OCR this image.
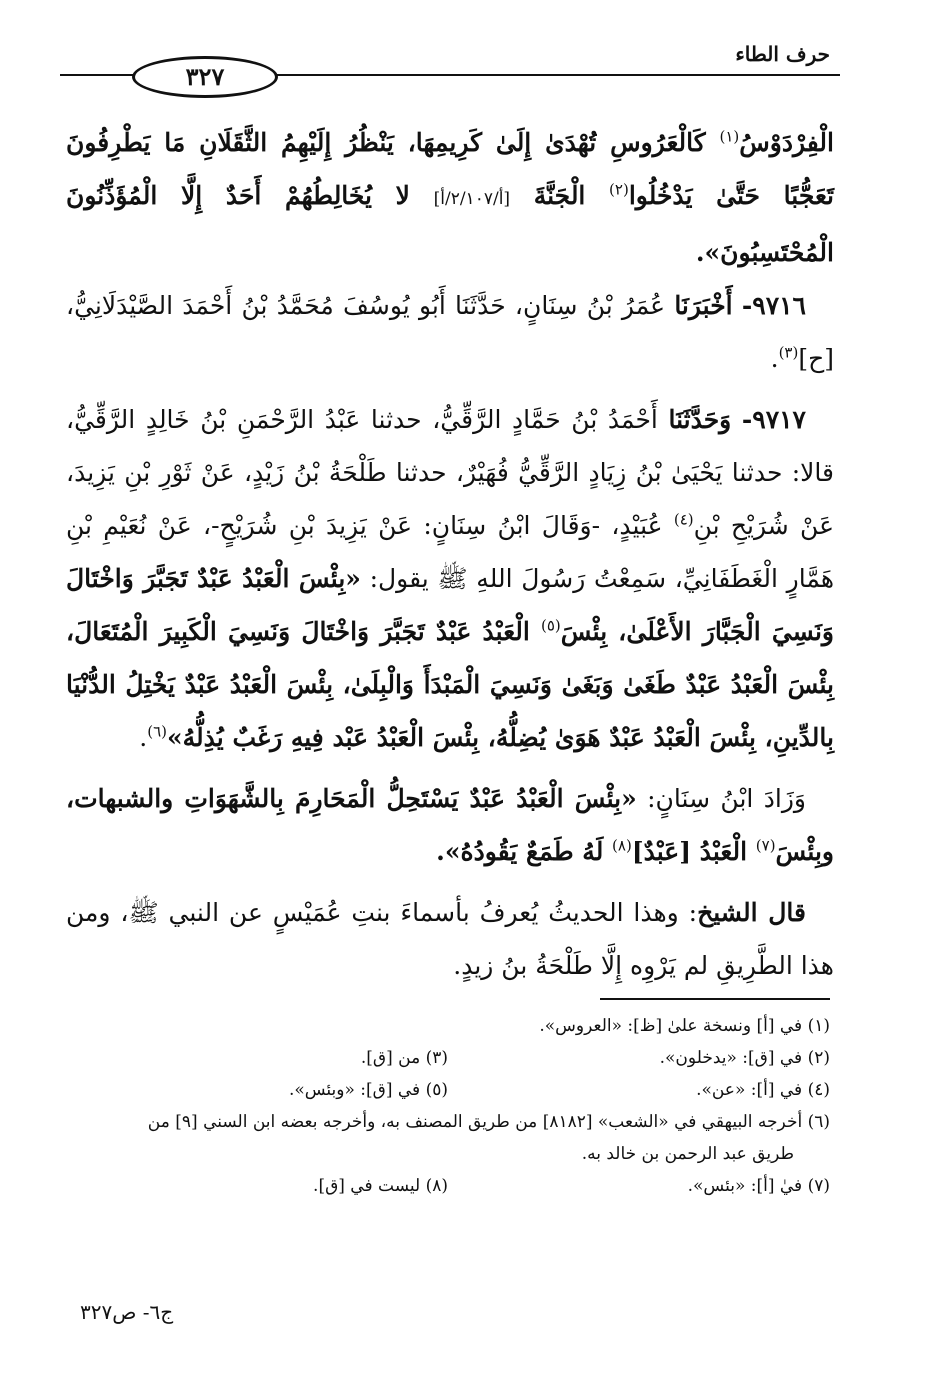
حرف الطاء
٣٢٧

الْفِرْدَوْسُ$^{(١)}$ كَالْعَرُوسِ تُهْدَىٰ إِلَىٰ كَرِيمِهَا، يَنْظُرُ إِلَيْهِمُ الثَّقَلَانِ مَا يَطْرِفُونَ تَعَجُّبًا حَتَّىٰ يَدْخُلُوا$^{(٢)}$ الْجَنَّةَ [أ/٢/١٠٧/أ] لا يُخَالِطُهُمْ أَحَدٌ إِلَّا الْمُؤَذِّنُونَ الْمُحْتَسِبُونَ».

٩٧١٦- أَخْبَرَنَا عُمَرُ بْنُ سِنَانٍ، حَدَّثَنَا أَبُو يُوسُفَ مُحَمَّدُ بْنُ أَحْمَدَ الصَّيْدَلَانِيُّ، [ح]$^{(٣)}$.

٩٧١٧- وَحَدَّثَنَا أَحْمَدُ بْنُ حَمَّادٍ الرَّقِّيُّ، حدثنا عَبْدُ الرَّحْمَنِ بْنُ خَالِدٍ الرَّقِّيُّ، قالا: حدثنا يَحْيَىٰ بْنُ زِيَادٍ الرَّقِّيُّ فُهَيْرٌ، حدثنا طَلْحَةُ بْنُ زَيْدٍ، عَنْ ثَوْرِ بْنِ يَزِيدَ، عَنْ شُرَيْحِ بْنِ$^{(٤)}$ عُبَيْدٍ، -وَقَالَ ابْنُ سِنَانٍ: عَنْ يَزِيدَ بْنِ شُرَيْحٍ-، عَنْ نُعَيْمِ بْنِ هَمَّارٍ الْغَطَفَانِيِّ، سَمِعْتُ رَسُولَ اللهِ ﷺ يقول: «بِئْسَ الْعَبْدُ عَبْدٌ تَجَبَّرَ وَاخْتَالَ وَنَسِيَ الْجَبَّارَ الأَعْلَىٰ، بِئْسَ$^{(٥)}$ الْعَبْدُ عَبْدٌ تَجَبَّرَ وَاخْتَالَ وَنَسِيَ الْكَبِيرَ الْمُتَعَالَ، بِئْسَ الْعَبْدُ عَبْدٌ طَغَىٰ وَبَغَىٰ وَنَسِيَ الْمَبْدَأَ وَالْبِلَىٰ، بِئْسَ الْعَبْدُ عَبْدٌ يَخْتِلُ الدُّنْيَا بِالدِّينِ، بِئْسَ الْعَبْدُ عَبْدٌ هَوَىٰ يُضِلُّهُ، بِئْسَ الْعَبْدُ عَبْد فِيهِ رَغَبٌ يُذِلُّهُ»$^{(٦)}$.

وَزَادَ ابْنُ سِنَانٍ: «بِئْسَ الْعَبْدُ عَبْدٌ يَسْتَحِلُّ الْمَحَارِمَ بِالشَّهَوَاتِ والشبهات، وبِئْسَ$^{(٧)}$ الْعَبْدُ [عَبْدٌ]$^{(٨)}$ لَهُ طَمَعٌ يَقُودُهُ».

قال الشيخ: وهذا الحديثُ يُعرفُ بأسماءَ بنتِ عُمَيْسٍ عن النبي ﷺ، ومن هذا الطَّرِيقِ لم يَرْوِه إِلَّا طَلْحَةُ بنُ زيدٍ.

(١) في [أ] ونسخة علىٰ [ظ]: «العروس».
(٢) في [ق]: «يدخلون».
(٣) من [ق].
(٤) في [أ]: «عن».
(٥) في [ق]: «وبئس».
(٦) أخرجه البيهقي في «الشعب» [٨١٨٢] من طريق المصنف به، وأخرجه بعضه ابن السني [٩] من
طريق عبد الرحمن بن خالد به.
(٧) فيٰ [أ]: «بئس».
(٨) ليست في [ق].
ج٦- ص٣٢٧
